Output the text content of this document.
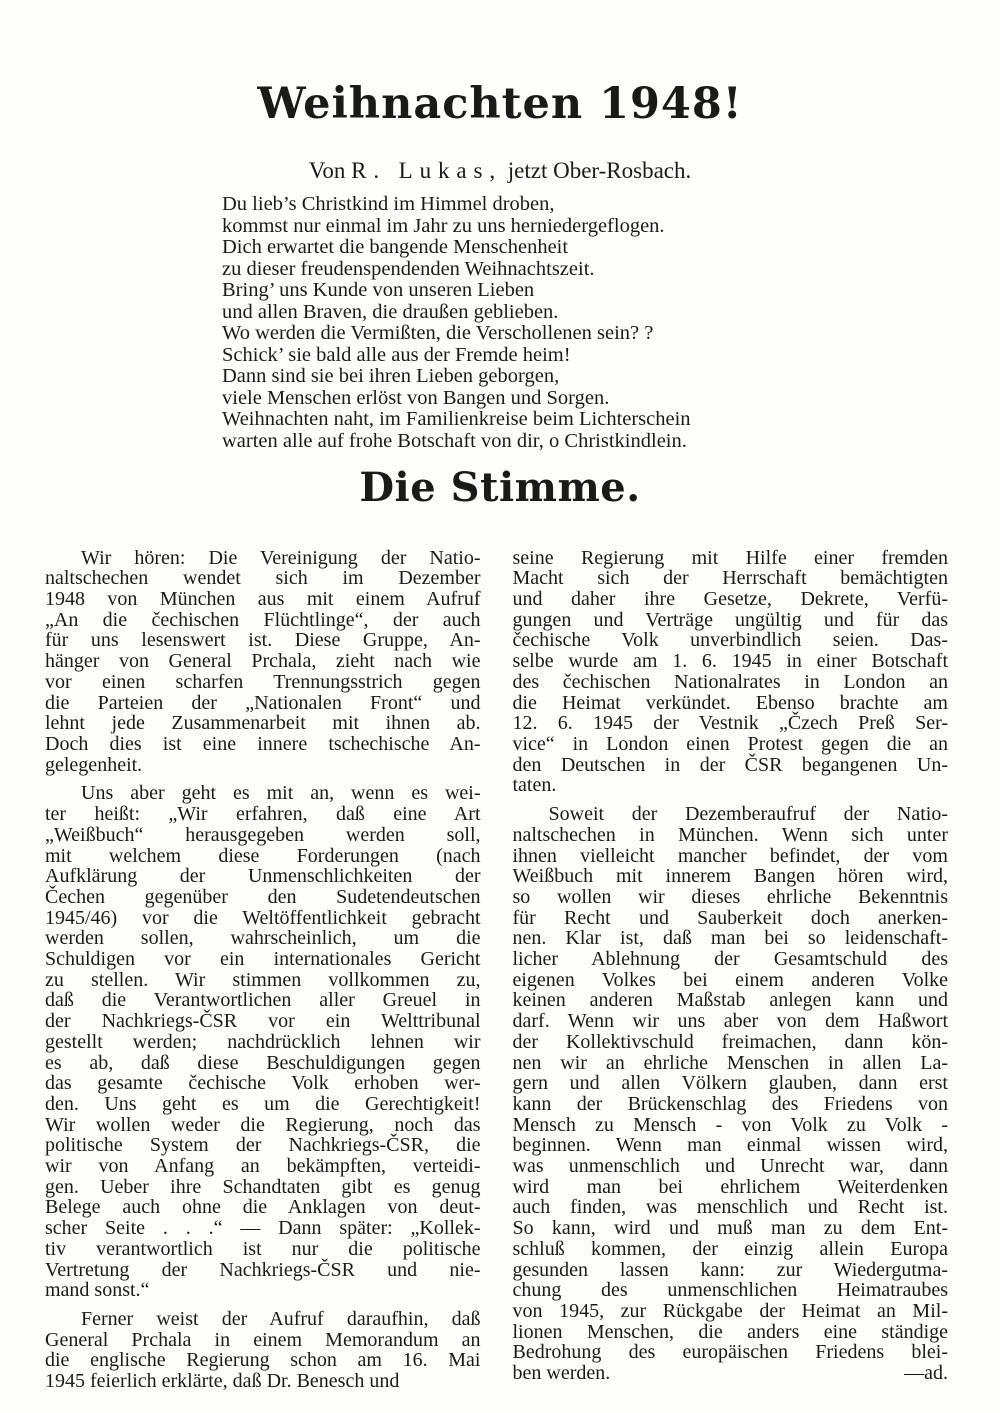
Weihnachten 1948!
Von R. Lukas, jetzt Ober-Rosbach.
Du lieb’s Christkind im Himmel droben,
kommst nur einmal im Jahr zu uns herniedergeflogen.
Dich erwartet die bangende Menschenheit
zu dieser freudenspendenden Weihnachtszeit.
Bring’ uns Kunde von unseren Lieben
und allen Braven, die draußen geblieben.
Wo werden die Vermißten, die Verschollenen sein? ?
Schick’ sie bald alle aus der Fremde heim!
Dann sind sie bei ihren Lieben geborgen,
viele Menschen erlöst von Bangen und Sorgen.
Weihnachten naht, im Familienkreise beim Lichterschein
warten alle auf frohe Botschaft von dir, o Christkindlein.
Die Stimme.
Wir hören: Die Vereinigung der Natio-
naltschechen wendet sich im Dezember
1948 von München aus mit einem Aufruf
„An die čechischen Flüchtlinge“, der auch
für uns lesenswert ist. Diese Gruppe, An-
hänger von General Prchala, zieht nach wie
vor einen scharfen Trennungsstrich gegen
die Parteien der „Nationalen Front“ und
lehnt jede Zusammenarbeit mit ihnen ab.
Doch dies ist eine innere tschechische An-
gelegenheit.
Uns aber geht es mit an, wenn es wei-
ter heißt: „Wir erfahren, daß eine Art
„Weißbuch“ herausgegeben werden soll,
mit welchem diese Forderungen (nach
Aufklärung der Unmenschlichkeiten der
Čechen gegenüber den Sudetendeutschen
1945/46) vor die Weltöffentlichkeit gebracht
werden sollen, wahrscheinlich, um die
Schuldigen vor ein internationales Gericht
zu stellen. Wir stimmen vollkommen zu,
daß die Verantwortlichen aller Greuel in
der Nachkriegs-ČSR vor ein Welttribunal
gestellt werden; nachdrücklich lehnen wir
es ab, daß diese Beschuldigungen gegen
das gesamte čechische Volk erhoben wer-
den. Uns geht es um die Gerechtigkeit!
Wir wollen weder die Regierung, noch das
politische System der Nachkriegs-ČSR, die
wir von Anfang an bekämpften, verteidi-
gen. Ueber ihre Schandtaten gibt es genug
Belege auch ohne die Anklagen von deut-
scher Seite . . .“ — Dann später: „Kollek-
tiv verantwortlich ist nur die politische
Vertretung der Nachkriegs-ČSR und nie-
mand sonst.“
Ferner weist der Aufruf daraufhin, daß
General Prchala in einem Memorandum an
die englische Regierung schon am 16. Mai
1945 feierlich erklärte, daß Dr. Benesch und
seine Regierung mit Hilfe einer fremden
Macht sich der Herrschaft bemächtigten
und daher ihre Gesetze, Dekrete, Verfü-
gungen und Verträge ungültig und für das
čechische Volk unverbindlich seien. Das-
selbe wurde am 1. 6. 1945 in einer Botschaft
des čechischen Nationalrates in London an
die Heimat verkündet. Ebenso brachte am
12. 6. 1945 der Vestnik „Čzech Preß Ser-
vice“ in London einen Protest gegen die an
den Deutschen in der ČSR begangenen Un-
taten.
Soweit der Dezemberaufruf der Natio-
naltschechen in München. Wenn sich unter
ihnen vielleicht mancher befindet, der vom
Weißbuch mit innerem Bangen hören wird,
so wollen wir dieses ehrliche Bekenntnis
für Recht und Sauberkeit doch anerken-
nen. Klar ist, daß man bei so leidenschaft-
licher Ablehnung der Gesamtschuld des
eigenen Volkes bei einem anderen Volke
keinen anderen Maßstab anlegen kann und
darf. Wenn wir uns aber von dem Haßwort
der Kollektivschuld freimachen, dann kön-
nen wir an ehrliche Menschen in allen La-
gern und allen Völkern glauben, dann erst
kann der Brückenschlag des Friedens von
Mensch zu Mensch - von Volk zu Volk -
beginnen. Wenn man einmal wissen wird,
was unmenschlich und Unrecht war, dann
wird man bei ehrlichem Weiterdenken
auch finden, was menschlich und Recht ist.
So kann, wird und muß man zu dem Ent-
schluß kommen, der einzig allein Europa
gesunden lassen kann: zur Wiedergutma-
chung des unmenschlichen Heimatraubes
von 1945, zur Rückgabe der Heimat an Mil-
lionen Menschen, die anders eine ständige
Bedrohung des europäischen Friedens blei-
ben werden.	—ad.
